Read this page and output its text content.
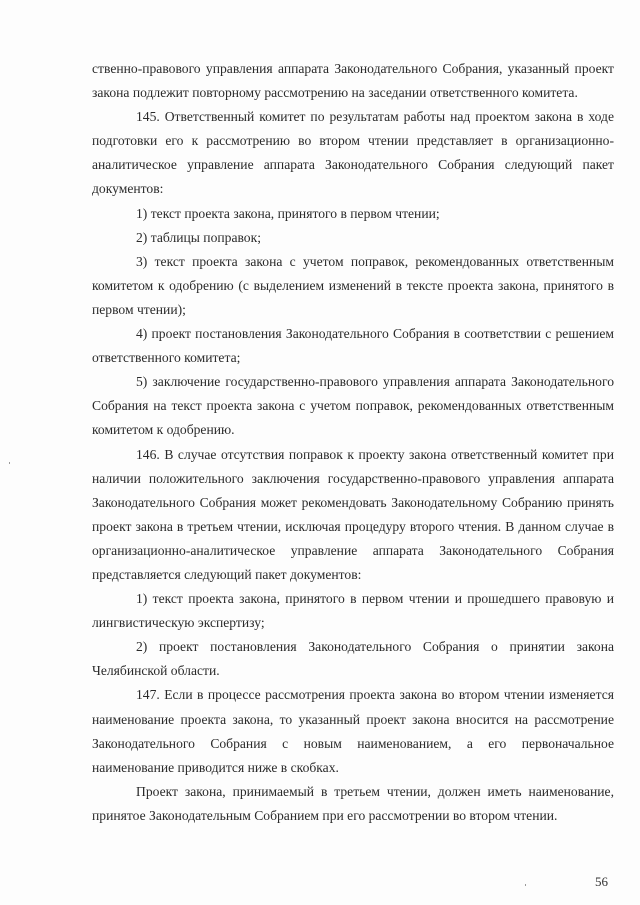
ственно-правового управления аппарата Законодательного Собрания, указанный проект закона подлежит повторному рассмотрению на заседании ответственного комитета.

145. Ответственный комитет по результатам работы над проектом закона в ходе подготовки его к рассмотрению во втором чтении представляет в организационно-аналитическое управление аппарата Законодательного Собрания следующий пакет документов:

1) текст проекта закона, принятого в первом чтении;

2) таблицы поправок;

3) текст проекта закона с учетом поправок, рекомендованных ответственным комитетом к одобрению (с выделением изменений в тексте проекта закона, принятого в первом чтении);

4) проект постановления Законодательного Собрания в соответствии с решением ответственного комитета;

5) заключение государственно-правового управления аппарата Законодательного Собрания на текст проекта закона с учетом поправок, рекомендованных ответственным комитетом к одобрению.

146. В случае отсутствия поправок к проекту закона ответственный комитет при наличии положительного заключения государственно-правового управления аппарата Законодательного Собрания может рекомендовать Законодательному Собранию принять проект закона в третьем чтении, исключая процедуру второго чтения. В данном случае в организационно-аналитическое управление аппарата Законодательного Собрания представляется следующий пакет документов:

1) текст проекта закона, принятого в первом чтении и прошедшего правовую и лингвистическую экспертизу;

2) проект постановления Законодательного Собрания о принятии закона Челябинской области.

147. Если в процессе рассмотрения проекта закона во втором чтении изменяется наименование проекта закона, то указанный проект закона вносится на рассмотрение Законодательного Собрания с новым наименованием, а его первоначальное наименование приводится ниже в скобках.

Проект закона, принимаемый в третьем чтении, должен иметь наименование, принятое Законодательным Собранием при его рассмотрении во втором чтении.

56
